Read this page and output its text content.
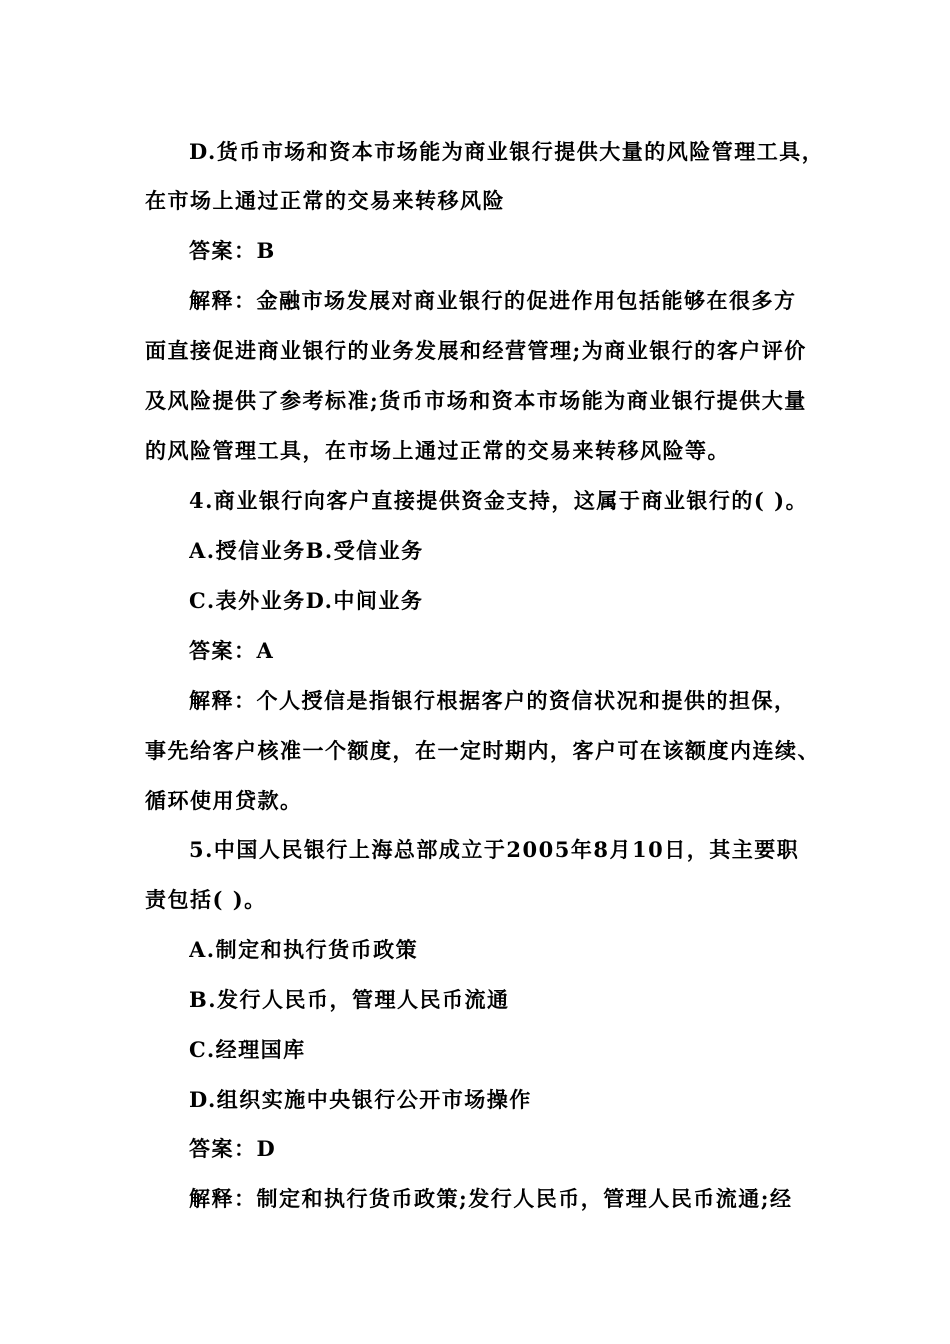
D.货币市场和资本市场能为商业银行提供大量的风险管理工具，
在市场上通过正常的交易来转移风险
答案：B
解释：金融市场发展对商业银行的促进作用包括能够在很多方
面直接促进商业银行的业务发展和经营管理;为商业银行的客户评价
及风险提供了参考标准;货币市场和资本市场能为商业银行提供大量
的风险管理工具，在市场上通过正常的交易来转移风险等。
4.商业银行向客户直接提供资金支持，这属于商业银行的( )。
A.授信业务B.受信业务
C.表外业务D.中间业务
答案：A
解释：个人授信是指银行根据客户的资信状况和提供的担保，
事先给客户核准一个额度，在一定时期内，客户可在该额度内连续、
循环使用贷款。
5.中国人民银行上海总部成立于2005年8月10日，其主要职
责包括( )。
A.制定和执行货币政策
B.发行人民币，管理人民币流通
C.经理国库
D.组织实施中央银行公开市场操作
答案：D
解释：制定和执行货币政策;发行人民币，管理人民币流通;经
